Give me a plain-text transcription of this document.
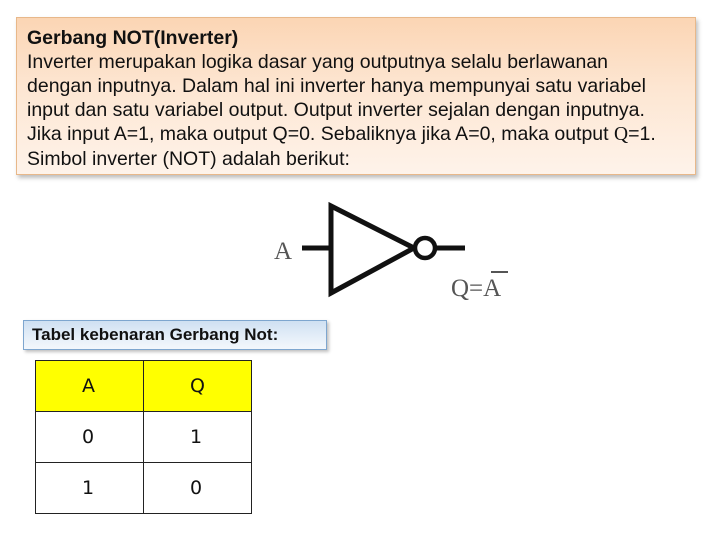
Gerbang NOT(Inverter)
Inverter merupakan logika dasar yang outputnya selalu berlawanan
dengan inputnya. Dalam hal ini inverter hanya mempunyai satu variabel
input dan satu variabel output. Output inverter sejalan dengan inputnya.
Jika input A=1, maka output Q=0. Sebaliknya jika A=0, maka output Q=1.
Simbol inverter (NOT) adalah berikut:
A
Q=A
Tabel kebenaran Gerbang Not:
A	Q
0	1
1	0
